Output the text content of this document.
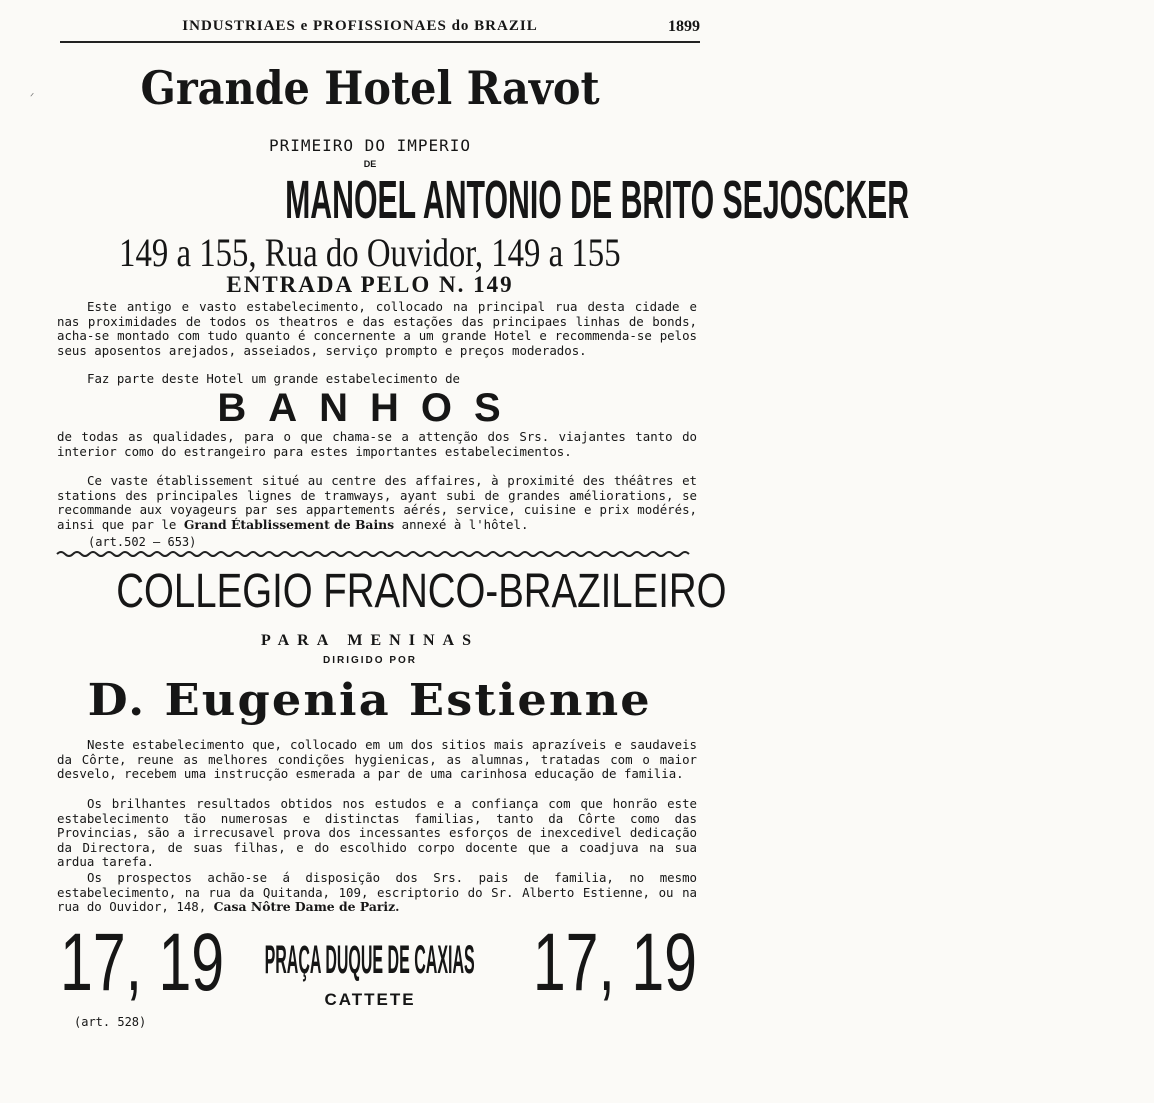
INDUSTRIAES e PROFISSIONAES do BRAZIL	1899
Grande Hotel Ravot
PRIMEIRO DO IMPERIO
DE
MANOEL ANTONIO DE BRITO SEJOSCKER
149 a 155, Rua do Ouvidor, 149 a 155
ENTRADA PELO N. 149

Este antigo e vasto estabelecimento, collocado na principal rua desta cidade e nas proximidades de todos os theatros e das estações das principaes linhas de bonds, acha-se montado com tudo quanto é concernente a um grande Hotel e recommenda-se pelos seus aposentos arejados, asseiados, serviço prompto e preços moderados.

Faz parte deste Hotel um grande estabelecimento de

BANHOS

de todas as qualidades, para o que chama-se a attenção dos Srs. viajantes tanto do interior como do estrangeiro para estes importantes estabelecimentos.

Ce vaste établissement situé au centre des affaires, à proximité des théâtres et stations des principales lignes de tramways, ayant subi de grandes améliorations, se recommande aux voyageurs par ses appartements aérés, service, cuisine e prix modérés, ainsi que par le Grand Établissement de Bains annexé à l'hôtel.

(art.502 — 653)
COLLEGIO FRANCO-BRAZILEIRO
PARA MENINAS
DIRIGIDO POR
D. Eugenia Estienne

Neste estabelecimento que, collocado em um dos sitios mais aprazíveis e saudaveis da Côrte, reune as melhores condições hygienicas, as alumnas, tratadas com o maior desvelo, recebem uma instrucção esmerada a par de uma carinhosa educação de familia.

Os brilhantes resultados obtidos nos estudos e a confiança com que honrão este estabelecimento tão numerosas e distinctas familias, tanto da Côrte como das Provincias, são a irrecusavel prova dos incessantes esforços de inexcedivel dedicação da Directora, de suas filhas, e do escolhido corpo docente que a coadjuva na sua ardua tarefa.

Os prospectos achão-se á disposição dos Srs. pais de familia, no mesmo estabelecimento, na rua da Quitanda, 109, escriptorio do Sr. Alberto Estienne, ou na rua do Ouvidor, 148, Casa Nôtre Dame de Pariz.

17, 19	17, 19
PRAÇA DUQUE DE CAXIAS
CATTETE
(art. 528)
ᐟ
